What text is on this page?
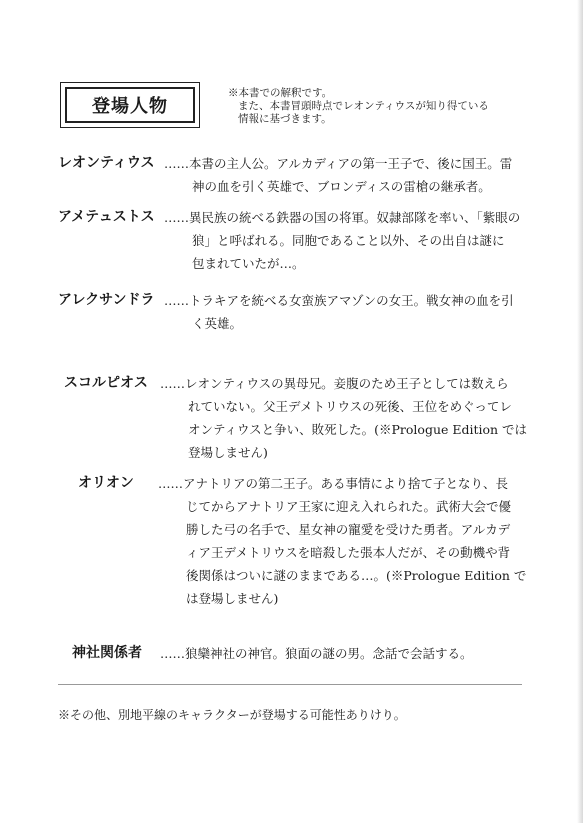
登場人物
※本書での解釈です。
また、本書冒頭時点でレオンティウスが知り得ている
情報に基づきます。
レオンティウス ……本書の主人公。アルカディアの第一王子で、後に国王。雷
神の血を引く英雄で、ブロンディスの雷槍の継承者。
アメテュストス ……異民族の統べる鉄器の国の将軍。奴隷部隊を率い、「紫眼の
狼」と呼ばれる。同胞であること以外、その出自は謎に
包まれていたが…。
アレクサンドラ ……トラキアを統べる女蛮族アマゾンの女王。戦女神の血を引
く英雄。
スコルピオス ……レオンティウスの異母兄。妾腹のため王子としては数えら
れていない。父王デメトリウスの死後、王位をめぐってレ
オンティウスと争い、敗死した。(※Prologue Edition では
登場しません)
オリオン ……アナトリアの第二王子。ある事情により捨て子となり、長
じてからアナトリア王家に迎え入れられた。武術大会で優
勝した弓の名手で、星女神の寵愛を受けた勇者。アルカデ
ィア王デメトリウスを暗殺した張本人だが、その動機や背
後関係はついに謎のままである…。(※Prologue Edition で
は登場しません)
神社関係者 ……狼欒神社の神官。狼面の謎の男。念話で会話する。
※その他、別地平線のキャラクターが登場する可能性ありけり。
